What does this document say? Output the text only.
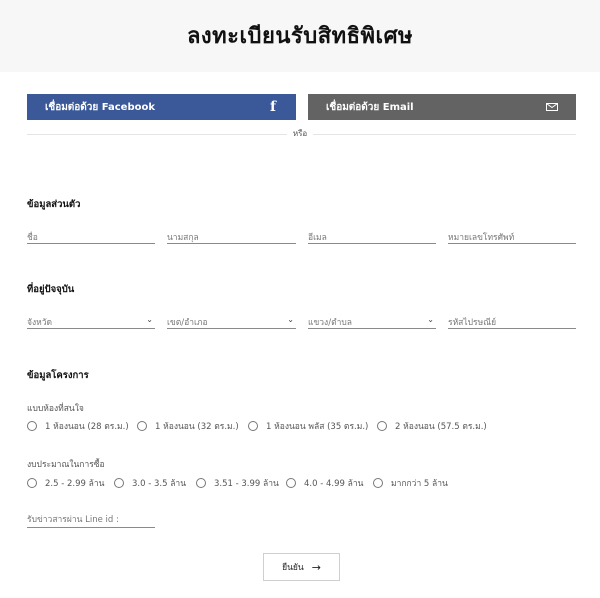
ลงทะเบียนรับสิทธิพิเศษ
เชื่อมต่อด้วย Facebook	f	เชื่อมต่อด้วย Email
หรือ
ข้อมูลส่วนตัว
ชื่อ	นามสกุล	อีเมล	หมายเลขโทรศัพท์
ที่อยู่ปัจจุบัน
จังหวัด	⌄ เขต/อำเภอ	⌄ แขวง/ตำบล	⌄ รหัสไปรษณีย์
ข้อมูลโครงการ
แบบห้องที่สนใจ
1 ห้องนอน (28 ตร.ม.)	1 ห้องนอน (32 ตร.ม.)	1 ห้องนอน พลัส (35 ตร.ม.)	2 ห้องนอน (57.5 ตร.ม.)
งบประมาณในการซื้อ
2.5 - 2.99 ล้าน	3.0 - 3.5 ล้าน	3.51 - 3.99 ล้าน	4.0 - 4.99 ล้าน	มากกว่า 5 ล้าน
รับข่าวสารผ่าน Line id :
ยืนยัน →
